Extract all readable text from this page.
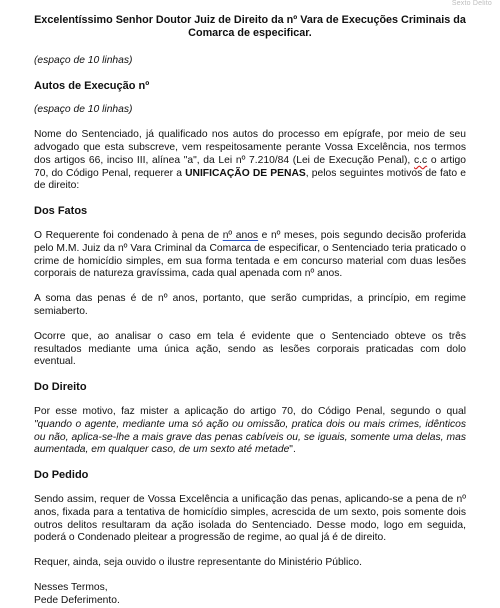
Sexto Delito
Excelentíssimo Senhor Doutor Juiz de Direito da nº Vara de Execuções Criminais da Comarca de especificar.
(espaço de 10 linhas)
Autos de Execução nº
(espaço de 10 linhas)

Nome do Sentenciado, já qualificado nos autos do processo em epígrafe, por meio de seu advogado que esta subscreve, vem respeitosamente perante Vossa Excelência, nos termos dos artigos 66, inciso III, alínea "a", da Lei nº 7.210/84 (Lei de Execução Penal), c.c o artigo 70, do Código Penal, requerer a UNIFICAÇÃO DE PENAS, pelos seguintes motivos de fato e de direito:

Dos Fatos

O Requerente foi condenado à pena de nº anos e nº meses, pois segundo decisão proferida pelo M.M. Juiz da nº Vara Criminal da Comarca de especificar, o Sentenciado teria praticado o crime de homicídio simples, em sua forma tentada e em concurso material com duas lesões corporais de natureza gravíssima, cada qual apenada com nº anos.

A soma das penas é de nº anos, portanto, que serão cumpridas, a princípio, em regime semiaberto.

Ocorre que, ao analisar o caso em tela é evidente que o Sentenciado obteve os três resultados mediante uma única ação, sendo as lesões corporais praticadas com dolo eventual.

Do Direito

Por esse motivo, faz mister a aplicação do artigo 70, do Código Penal, segundo o qual "quando o agente, mediante uma só ação ou omissão, pratica dois ou mais crimes, idênticos ou não, aplica-se-lhe a mais grave das penas cabíveis ou, se iguais, somente uma delas, mas aumentada, em qualquer caso, de um sexto até metade".

Do Pedido

Sendo assim, requer de Vossa Excelência a unificação das penas, aplicando-se a pena de nº anos, fixada para a tentativa de homicídio simples, acrescida de um sexto, pois somente dois outros delitos resultaram da ação isolada do Sentenciado. Desse modo, logo em seguida, poderá o Condenado pleitear a progressão de regime, ao qual já é de direito.

Requer, ainda, seja ouvido o ilustre representante do Ministério Público.

Nesses Termos,

Pede Deferimento.
